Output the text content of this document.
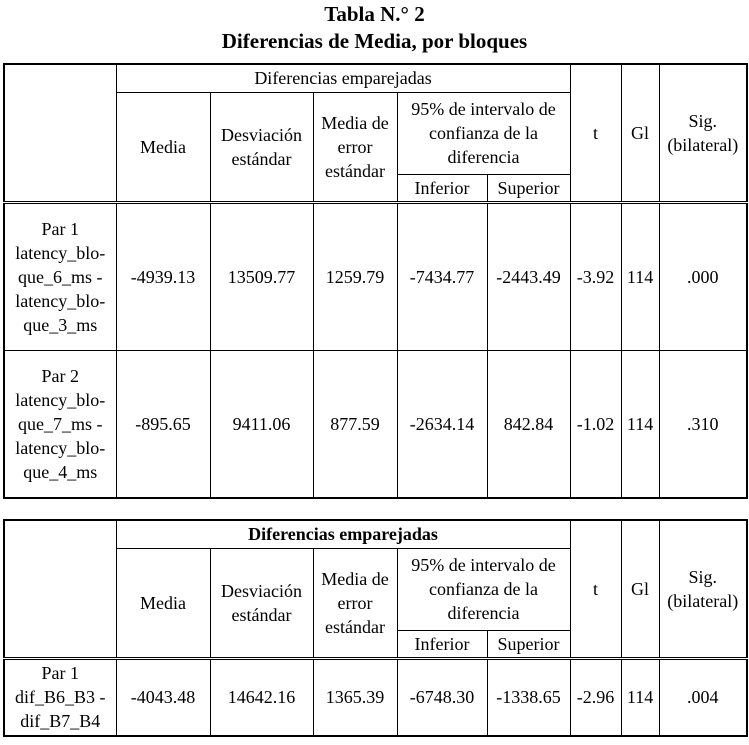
Tabla N.° 2
Diferencias de Media, por bloques
	Diferencias emparejadas					t	Gl	Sig. (bilateral)
	Media	Desviación estándar	Media de error estándar	95% de intervalo de confianza de la diferencia				
				Inferior	Superior			

Par 1
latency_blo-
que_6_ms -
latency_blo-
que_3_ms	-4939.13	13509.77	1259.79	-7434.77	-2443.49	-3.92	114	.000

Par 2
latency_blo-
que_7_ms -
latency_blo-
que_4_ms	-895.65	9411.06	877.59	-2634.14	842.84	-1.02	114	.310
	Diferencias emparejadas					t	Gl	Sig. (bilateral)
	Media	Desviación estándar	Media de error estándar	95% de intervalo de confianza de la diferencia				
				Inferior	Superior			

Par 1
dif_B6_B3 -
dif_B7_B4	-4043.48	14642.16	1365.39	-6748.30	-1338.65	-2.96	114	.004
